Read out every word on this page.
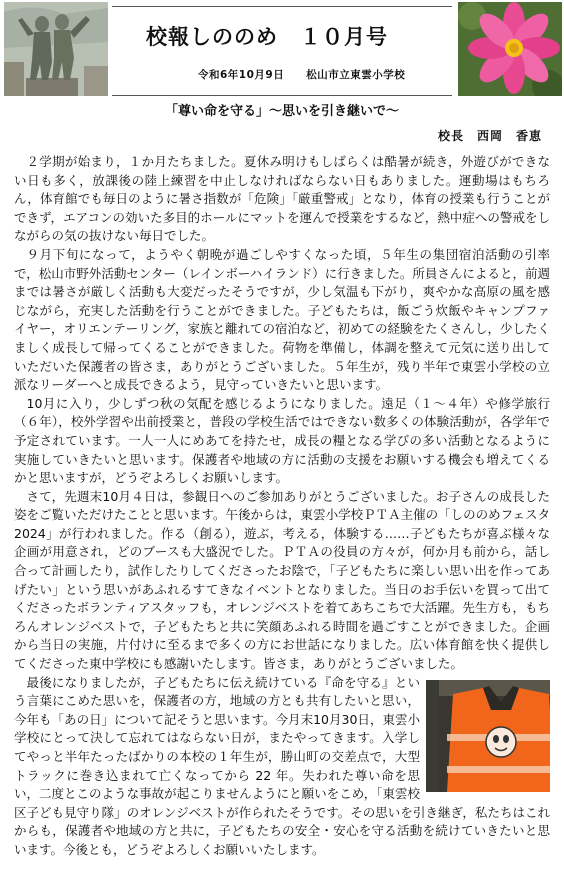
校報しののめ　１０月号
令和6年10月9日　　松山市立東雲小学校
「尊い命を守る」～思いを引き継いで～
校長　西岡　香恵

２学期が始まり，１か月たちました。夏休み明けもしばらくは酷暑が続き，外遊びができない日も多く，放課後の陸上練習を中止しなければならない日もありました。運動場はもちろん，体育館でも毎日のように暑さ指数が「危険」「厳重警戒」となり，体育の授業も行うことができず，エアコンの効いた多目的ホールにマットを運んで授業をするなど，熱中症への警戒をしながらの気の抜けない毎日でした。

９月下旬になって，ようやく朝晩が過ごしやすくなった頃，５年生の集団宿泊活動の引率で，松山市野外活動センター（レインボーハイランド）に行きました。所員さんによると，前週までは暑さが厳しく活動も大変だったそうですが，少し気温も下がり，爽やかな高原の風を感じながら，充実した活動を行うことができました。子どもたちは，飯ごう炊飯やキャンプファイヤー，オリエンテーリング，家族と離れての宿泊など，初めての経験をたくさんし，少したくましく成長して帰ってくることができました。荷物を準備し，体調を整えて元気に送り出していただいた保護者の皆さま，ありがとうございました。５年生が，残り半年で東雲小学校の立派なリーダーへと成長できるよう，見守っていきたいと思います。

10月に入り，少しずつ秋の気配を感じるようになりました。遠足（１～４年）や修学旅行（６年），校外学習や出前授業と，普段の学校生活ではできない数多くの体験活動が，各学年で予定されています。一人一人にめあてを持たせ，成長の糧となる学びの多い活動となるように実施していきたいと思います。保護者や地域の方に活動の支援をお願いする機会も増えてくるかと思いますが，どうぞよろしくお願いします。

さて，先週末10月４日は，参観日へのご参加ありがとうございました。お子さんの成長した姿をご覧いただけたことと思います。午後からは，東雲小学校ＰＴＡ主催の「しののめフェスタ 2024」が行われました。作る（創る），遊ぶ，考える，体験する……子どもたちが喜ぶ様々な企画が用意され，どのブースも大盛況でした。ＰＴＡの役員の方々が，何か月も前から，話し合って計画したり，試作したりしてくださったお陰で，「子どもたちに楽しい思い出を作ってあげたい」という思いがあふれるすてきなイベントとなりました。当日のお手伝いを買って出てくださったボランティアスタッフも，オレンジベストを着てあちこちで大活躍。先生方も，もちろんオレンジベストで，子どもたちと共に笑顔あふれる時間を過ごすことができました。企画から当日の実施，片付けに至るまで多くの方にお世話になりました。広い体育館を快く提供してくださった東中学校にも感謝いたします。皆さま，ありがとうございました。

最後になりましたが，子どもたちに伝え続けている『命を守る』という言葉にこめた思いを，保護者の方，地域の方とも共有したいと思い，今年も「あの日」について記そうと思います。今月末10月30日，東雲小学校にとって決して忘れてはならない日が，またやってきます。入学してやっと半年たったばかりの本校の１年生が，勝山町の交差点で，大型トラックに巻き込まれて亡くなってから 22 年。失われた尊い命を思い，二度とこのような事故が起こりませんようにと願いをこめ，「東雲校区子ども見守り隊」のオレンジベストが作られたそうです。その思いを引き継ぎ，私たちはこれからも，保護者や地域の方と共に，子どもたちの安全・安心を守る活動を続けていきたいと思います。今後とも，どうぞよろしくお願いいたします。
